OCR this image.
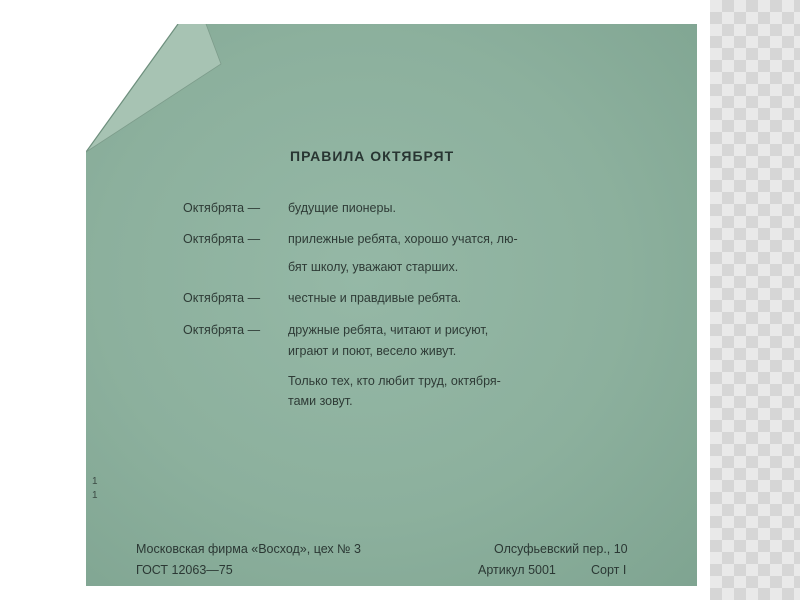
ПРАВИЛА ОКТЯБРЯТ
Октябрята — будущие пионеры.
Октябрята — прилежные ребята, хорошо учатся, лю-
бят школу, уважают старших.
Октябрята — честные и правдивые ребята.
Октябрята — дружные ребята, читают и рисуют,
играют и поют, весело живут.
Только тех, кто любит труд, октября-
тами зовут.
1
1
Московская фирма «Восход», цех № 3	Олсуфьевский пер., 10
ГОСТ 12063—75	Артикул 5001	Сорт I
